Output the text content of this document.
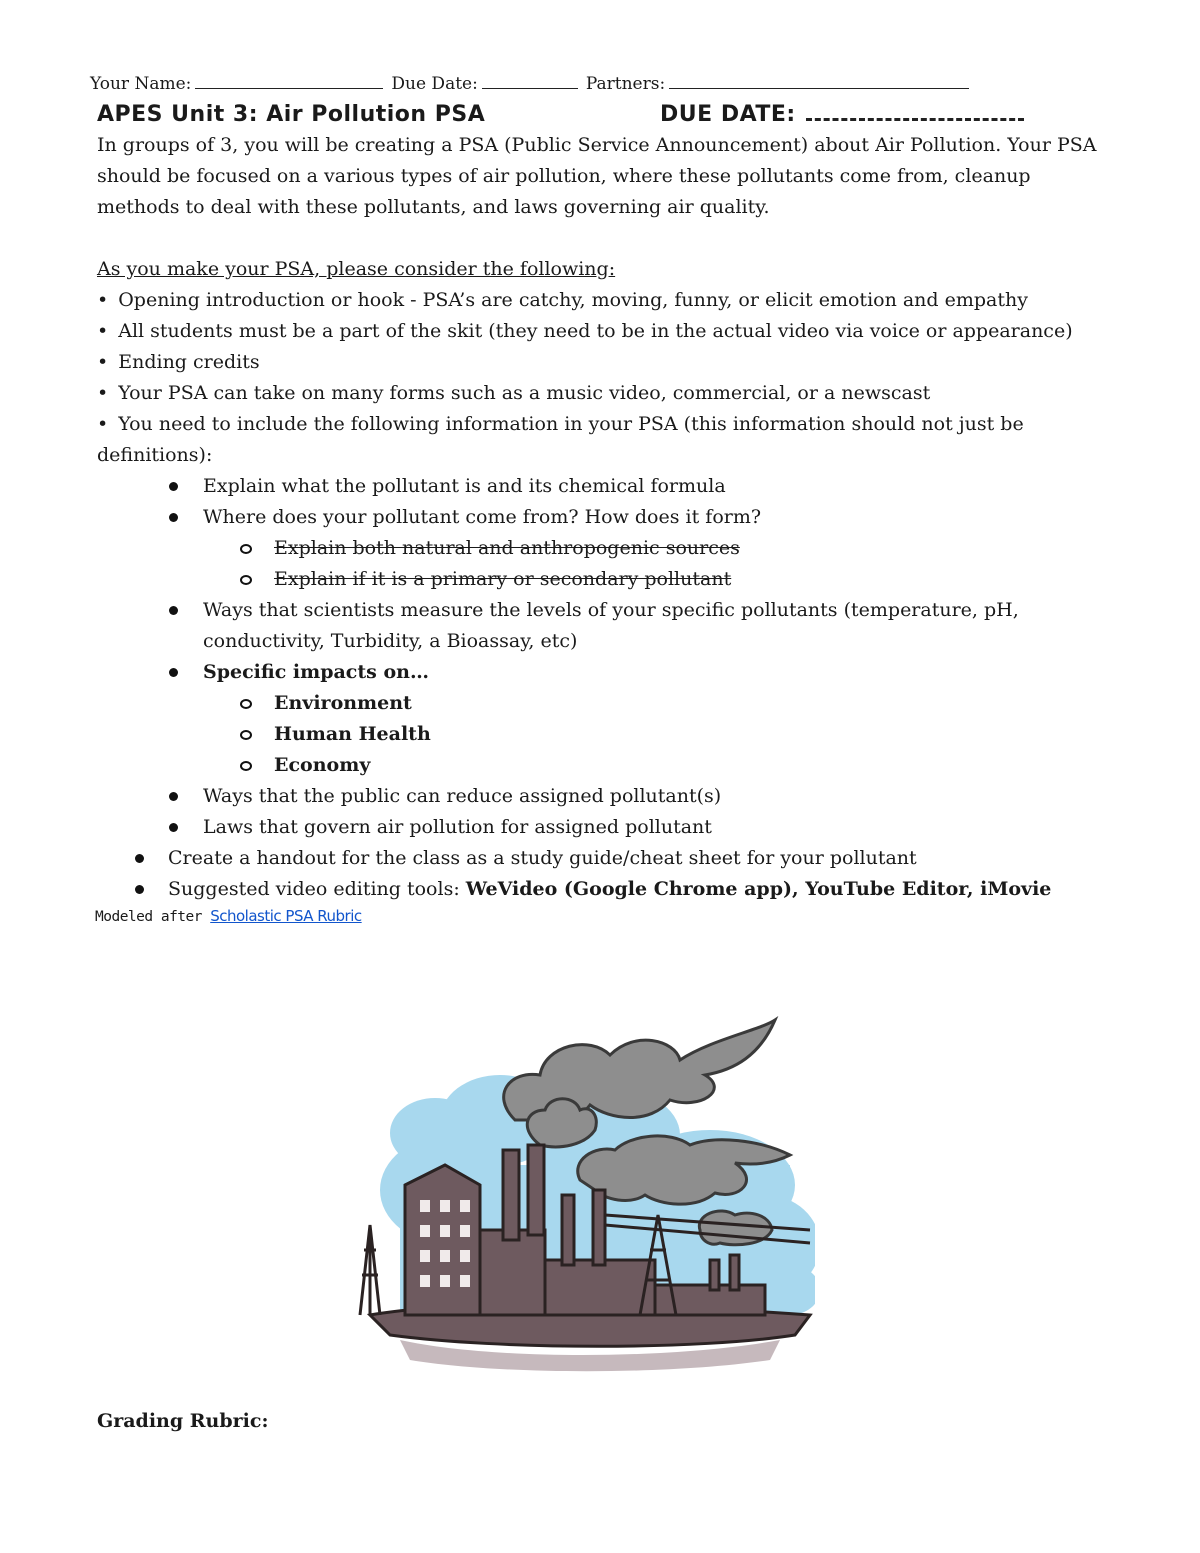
Your Name:	Due Date:	Partners:
APES Unit 3: Air Pollution PSA	DUE DATE:

In groups of 3, you will be creating a PSA (Public Service Announcement) about Air Pollution. Your PSA should be focused on a various types of air pollution, where these pollutants come from, cleanup methods to deal with these pollutants, and laws governing air quality.

As you make your PSA, please consider the following:
• Opening introduction or hook - PSA’s are catchy, moving, funny, or elicit emotion and empathy
• All students must be a part of the skit (they need to be in the actual video via voice or appearance)
• Ending credits
• Your PSA can take on many forms such as a music video, commercial, or a newscast
• You need to include the following information in your PSA (this information should not just be definitions):
Explain what the pollutant is and its chemical formula
Where does your pollutant come from? How does it form?
Explain both natural and anthropogenic sources
Explain if it is a primary or secondary pollutant
Ways that scientists measure the levels of your specific pollutants (temperature, pH, conductivity, Turbidity, a Bioassay, etc)
Specific impacts on…
Environment
Human Health
Economy
Ways that the public can reduce assigned pollutant(s)
Laws that govern air pollution for assigned pollutant
Create a handout for the class as a study guide/cheat sheet for your pollutant
Suggested video editing tools: WeVideo (Google Chrome app), YouTube Editor, iMovie
Modeled after Scholastic PSA Rubric
Grading Rubric:
